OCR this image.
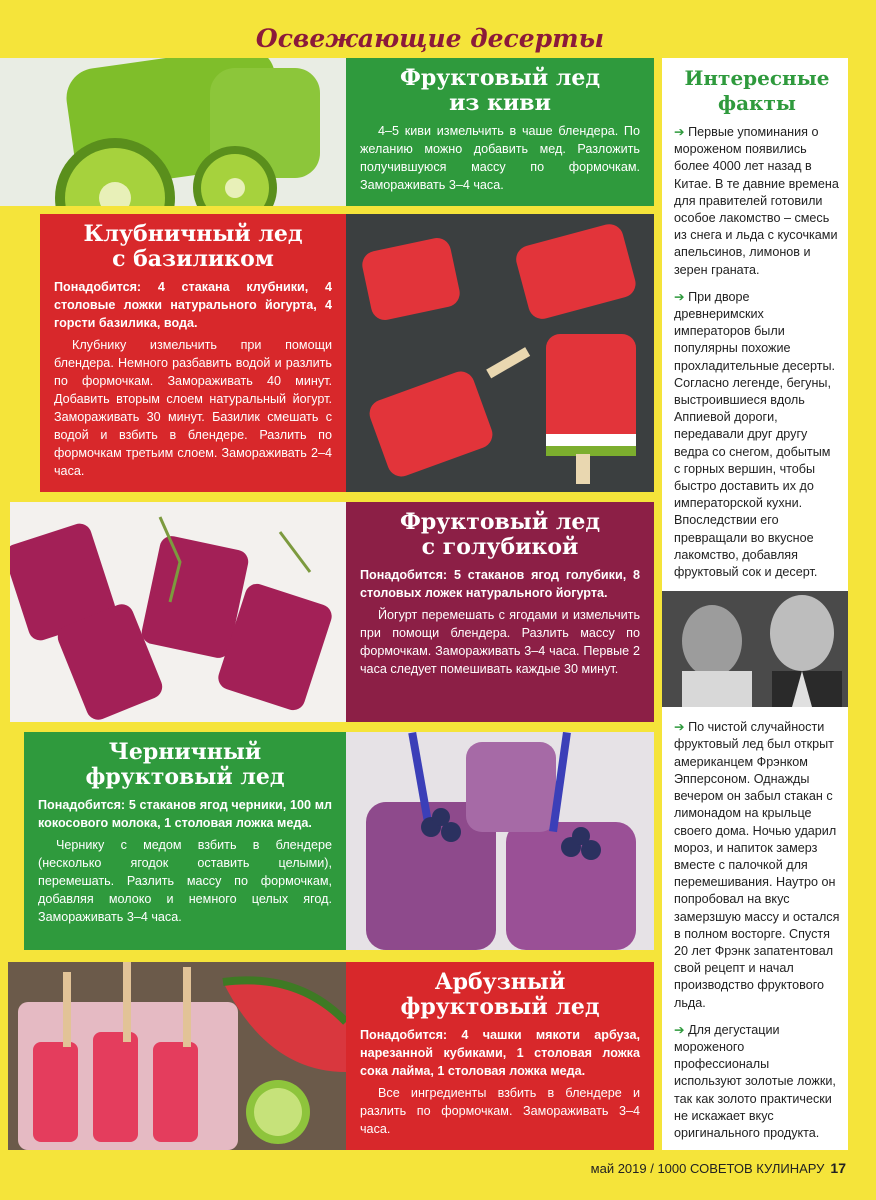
Освежающие десерты
Фруктовый лед
из киви

4–5 киви измельчить в чаше блендера. По желанию можно добавить мед. Разложить получившуюся массу по формочкам. Замораживать 3–4 часа.

Клубничный лед
с базиликом

Понадобится: 4 стакана клубники, 4 столовые ложки натурального йогурта, 4 горсти базилика, вода.

Клубнику измельчить при помощи блендера. Немного разбавить водой и разлить по формочкам. Замораживать 40 минут. Добавить вторым слоем натуральный йогурт. Замораживать 30 минут. Базилик смешать с водой и взбить в блендере. Разлить по формочкам третьим слоем. Замораживать 2–4 часа.

Фруктовый лед
с голубикой

Понадобится: 5 стаканов ягод голубики, 8 столовых ложек натурального йогурта.

Йогурт перемешать с ягодами и измельчить при помощи блендера. Разлить массу по формочкам. Замораживать 3–4 часа. Первые 2 часа следует помешивать каждые 30 минут.

Черничный
фруктовый лед

Понадобится: 5 стаканов ягод черники, 100 мл кокосового молока, 1 столовая ложка меда.

Чернику с медом взбить в блендере (несколько ягодок оставить целыми), перемешать. Разлить массу по формочкам, добавляя молоко и немного целых ягод. Замораживать 3–4 часа.

Арбузный
фруктовый лед

Понадобится: 4 чашки мякоти арбуза, нарезанной кубиками, 1 столовая ложка сока лайма, 1 столовая ложка меда.

Все ингредиенты взбить в блендере и разлить по формочкам. Замораживать 3–4 часа.

Интересные
факты

➔ Первые упоминания о мороженом появились более 4000 лет назад в Китае. В те давние времена для правителей готовили особое лакомство – смесь из снега и льда с кусочками апельсинов, лимонов и зерен граната.

➔ При дворе древнеримских императоров были популярны похожие прохладительные десерты. Согласно легенде, бегуны, выстроившиеся вдоль Аппиевой дороги, передавали друг другу ведра со снегом, добытым с горных вершин, чтобы быстро доставить их до императорской кухни. Впоследствии его превращали во вкусное лакомство, добавляя фруктовый сок и десерт.

➔ По чистой случайности фруктовый лед был открыт американцем Фрэнком Эпперсоном. Однажды вечером он забыл стакан с лимонадом на крыльце своего дома. Ночью ударил мороз, и напиток замерз вместе с палочкой для перемешивания. Наутро он попробовал на вкус замерзшую массу и остался в полном восторге. Спустя 20 лет Фрэнк запатентовал свой рецепт и начал производство фруктового льда.

➔ Для дегустации мороженого профессионалы используют золотые ложки, так как золото практически не искажает вкус оригинального продукта.

май 2019 / 1000 СОВЕТОВ КУЛИНАРУ 17
